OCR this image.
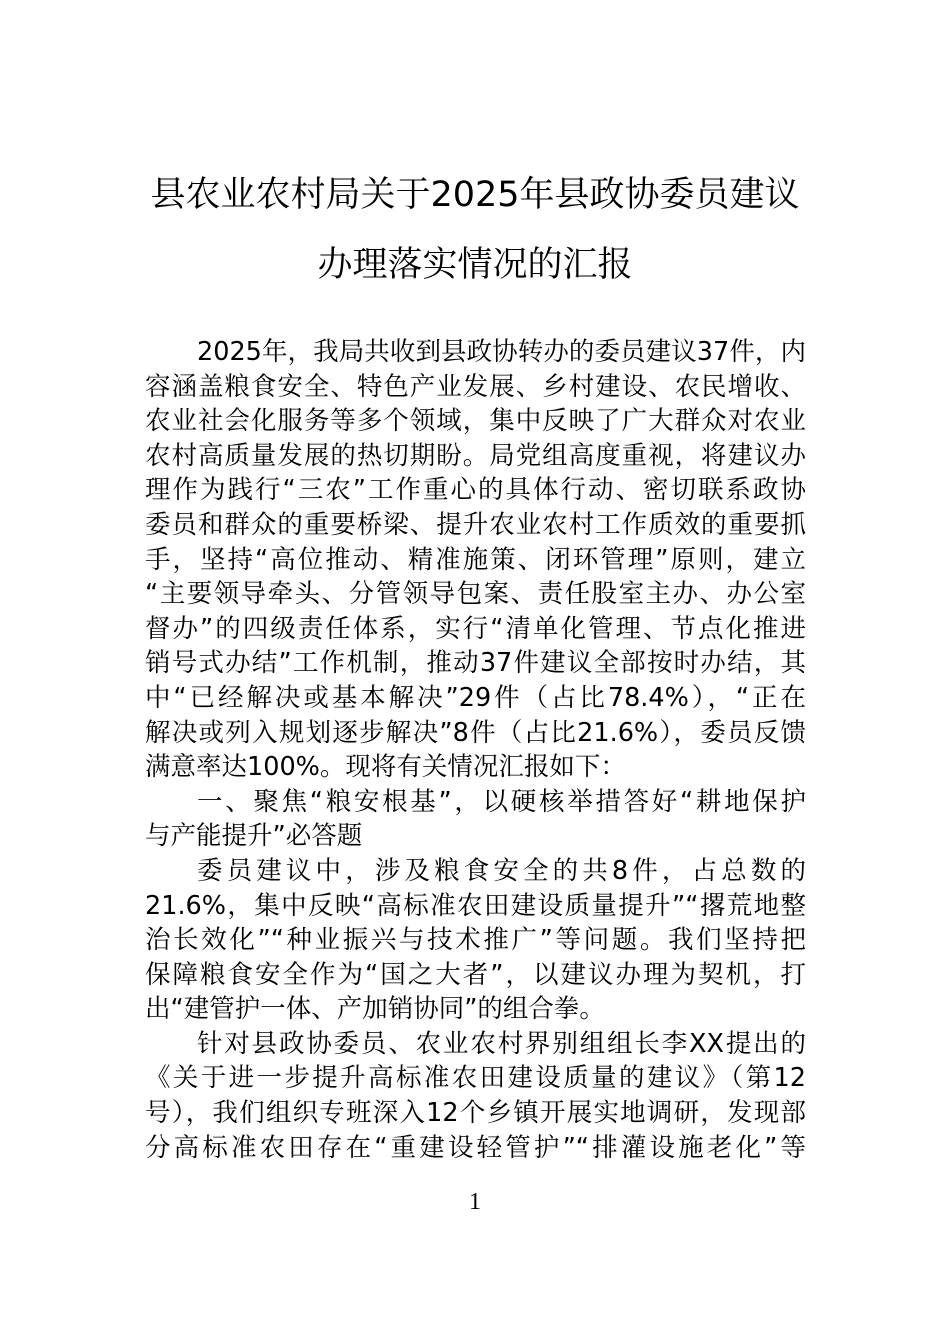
县农业农村局关于2025年县政协委员建议
办理落实情况的汇报
2025年，我局共收到县政协转办的委员建议37件，内
容涵盖粮食安全、特色产业发展、乡村建设、农民增收、
农业社会化服务等多个领域，集中反映了广大群众对农业
农村高质量发展的热切期盼。局党组高度重视，将建议办
理作为践行“三农”工作重心的具体行动、密切联系政协
委员和群众的重要桥梁、提升农业农村工作质效的重要抓
手，坚持“高位推动、精准施策、闭环管理”原则，建立
“主要领导牵头、分管领导包案、责任股室主办、办公室
督办”的四级责任体系，实行“清单化管理、节点化推进
销号式办结”工作机制，推动37件建议全部按时办结，其
中“已经解决或基本解决”29件（占比78.4%），“正在
解决或列入规划逐步解决”8件（占比21.6%），委员反馈
满意率达100%。现将有关情况汇报如下：
一、聚焦“粮安根基”，以硬核举措答好“耕地保护
与产能提升”必答题
委员建议中，涉及粮食安全的共8件，占总数的
21.6%，集中反映“高标准农田建设质量提升”“撂荒地整
治长效化”“种业振兴与技术推广”等问题。我们坚持把
保障粮食安全作为“国之大者”，以建议办理为契机，打
出“建管护一体、产加销协同”的组合拳。
针对县政协委员、农业农村界别组组长李XX提出的
《关于进一步提升高标准农田建设质量的建议》（第12
号），我们组织专班深入12个乡镇开展实地调研，发现部
分高标准农田存在“重建设轻管护”“排灌设施老化”等
1
